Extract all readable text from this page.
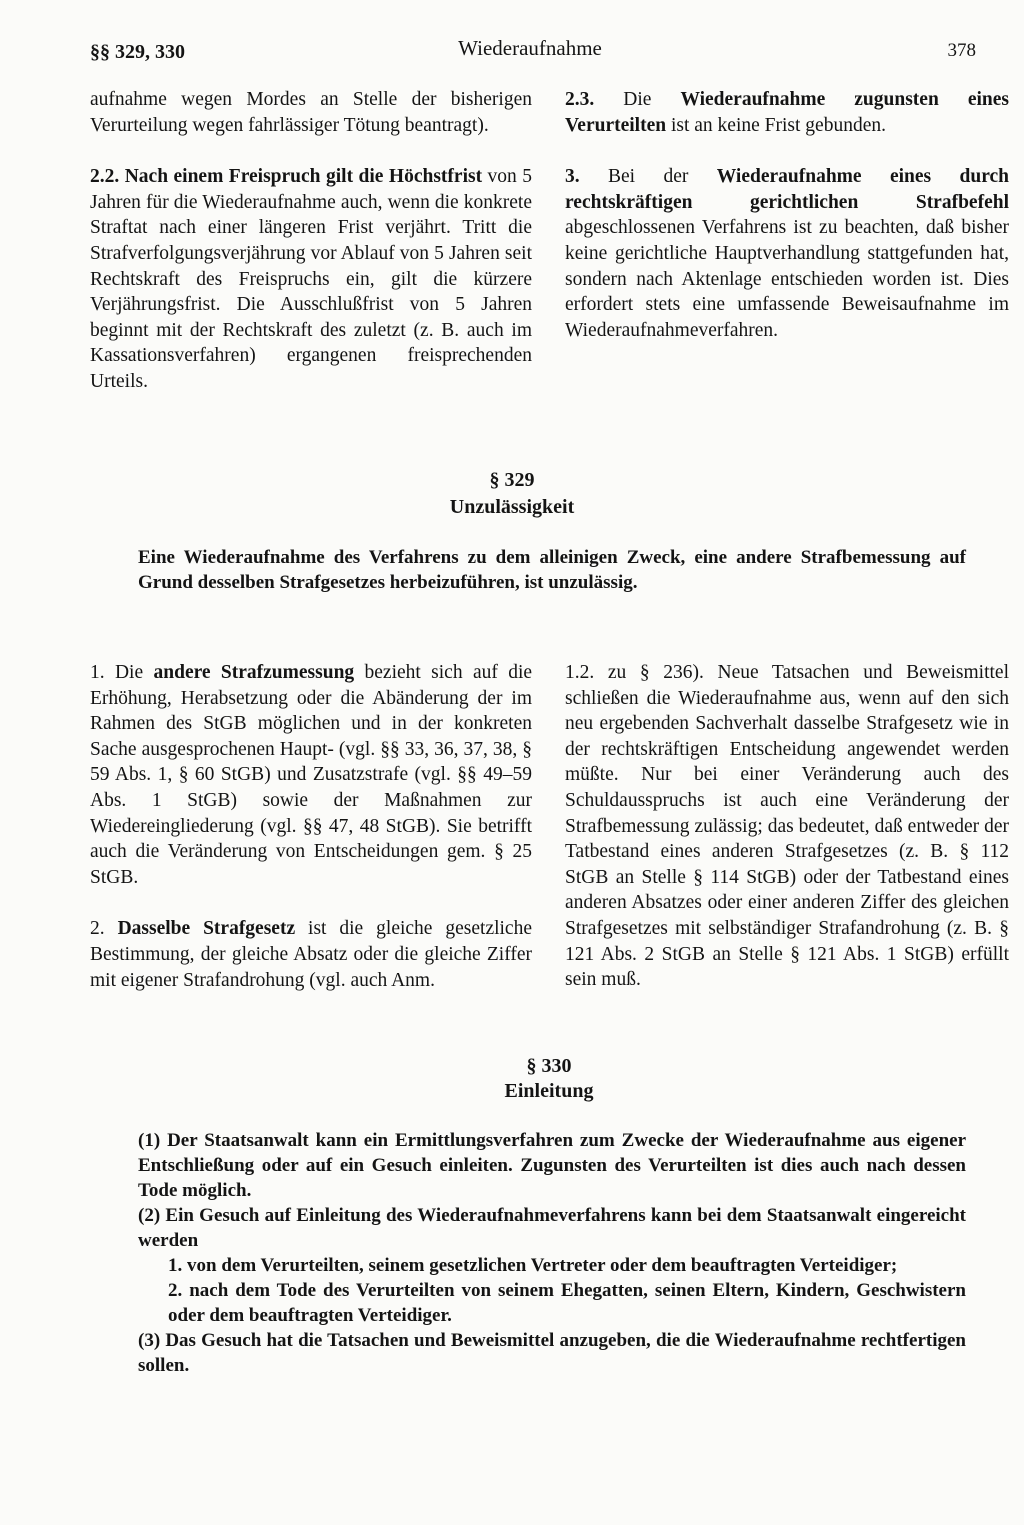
§§ 329, 330	Wiederaufnahme	378

aufnahme wegen Mordes an Stelle der bisherigen Verurteilung wegen fahrlässiger Tötung beantragt).

2.2. Nach einem Freispruch gilt die Höchstfrist von 5 Jahren für die Wiederaufnahme auch, wenn die konkrete Straftat nach einer längeren Frist verjährt. Tritt die Strafverfolgungsverjährung vor Ablauf von 5 Jahren seit Rechtskraft des Freispruchs ein, gilt die kürzere Verjährungsfrist. Die Ausschlußfrist von 5 Jahren beginnt mit der Rechtskraft des zuletzt (z. B. auch im Kassationsverfahren) ergangenen freisprechenden Urteils.

2.3. Die Wiederaufnahme zugunsten eines Verurteilten ist an keine Frist gebunden.

3. Bei der Wiederaufnahme eines durch rechtskräftigen gerichtlichen Strafbefehl abgeschlossenen Verfahrens ist zu beachten, daß bisher keine gerichtliche Hauptverhandlung stattgefunden hat, sondern nach Aktenlage entschieden worden ist. Dies erfordert stets eine umfassende Beweisaufnahme im Wiederaufnahmeverfahren.

§ 329
Unzulässigkeit

Eine Wiederaufnahme des Verfahrens zu dem alleinigen Zweck, eine andere Strafbemessung auf Grund desselben Strafgesetzes herbeizuführen, ist unzulässig.

1. Die andere Strafzumessung bezieht sich auf die Erhöhung, Herabsetzung oder die Abänderung der im Rahmen des StGB möglichen und in der konkreten Sache ausgesprochenen Haupt- (vgl. §§ 33, 36, 37, 38, § 59 Abs. 1, § 60 StGB) und Zusatzstrafe (vgl. §§ 49–59 Abs. 1 StGB) sowie der Maßnahmen zur Wiedereingliederung (vgl. §§ 47, 48 StGB). Sie betrifft auch die Veränderung von Entscheidungen gem. § 25 StGB.

2. Dasselbe Strafgesetz ist die gleiche gesetzliche Bestimmung, der gleiche Absatz oder die gleiche Ziffer mit eigener Strafandrohung (vgl. auch Anm.

1.2. zu § 236). Neue Tatsachen und Beweismittel schließen die Wiederaufnahme aus, wenn auf den sich neu ergebenden Sachverhalt dasselbe Strafgesetz wie in der rechtskräftigen Entscheidung angewendet werden müßte. Nur bei einer Veränderung auch des Schuldausspruchs ist auch eine Veränderung der Strafbemessung zulässig; das bedeutet, daß entweder der Tatbestand eines anderen Strafgesetzes (z. B. § 112 StGB an Stelle § 114 StGB) oder der Tatbestand eines anderen Absatzes oder einer anderen Ziffer des gleichen Strafgesetzes mit selbständiger Strafandrohung (z. B. § 121 Abs. 2 StGB an Stelle § 121 Abs. 1 StGB) erfüllt sein muß.

§ 330
Einleitung

(1) Der Staatsanwalt kann ein Ermittlungsverfahren zum Zwecke der Wiederaufnahme aus eigener Entschließung oder auf ein Gesuch einleiten. Zugunsten des Verurteilten ist dies auch nach dessen Tode möglich.

(2) Ein Gesuch auf Einleitung des Wiederaufnahmeverfahrens kann bei dem Staatsanwalt eingereicht werden

1. von dem Verurteilten, seinem gesetzlichen Vertreter oder dem beauftragten Verteidiger;

2. nach dem Tode des Verurteilten von seinem Ehegatten, seinen Eltern, Kindern, Geschwistern oder dem beauftragten Verteidiger.

(3) Das Gesuch hat die Tatsachen und Beweismittel anzugeben, die die Wiederaufnahme rechtfertigen sollen.
